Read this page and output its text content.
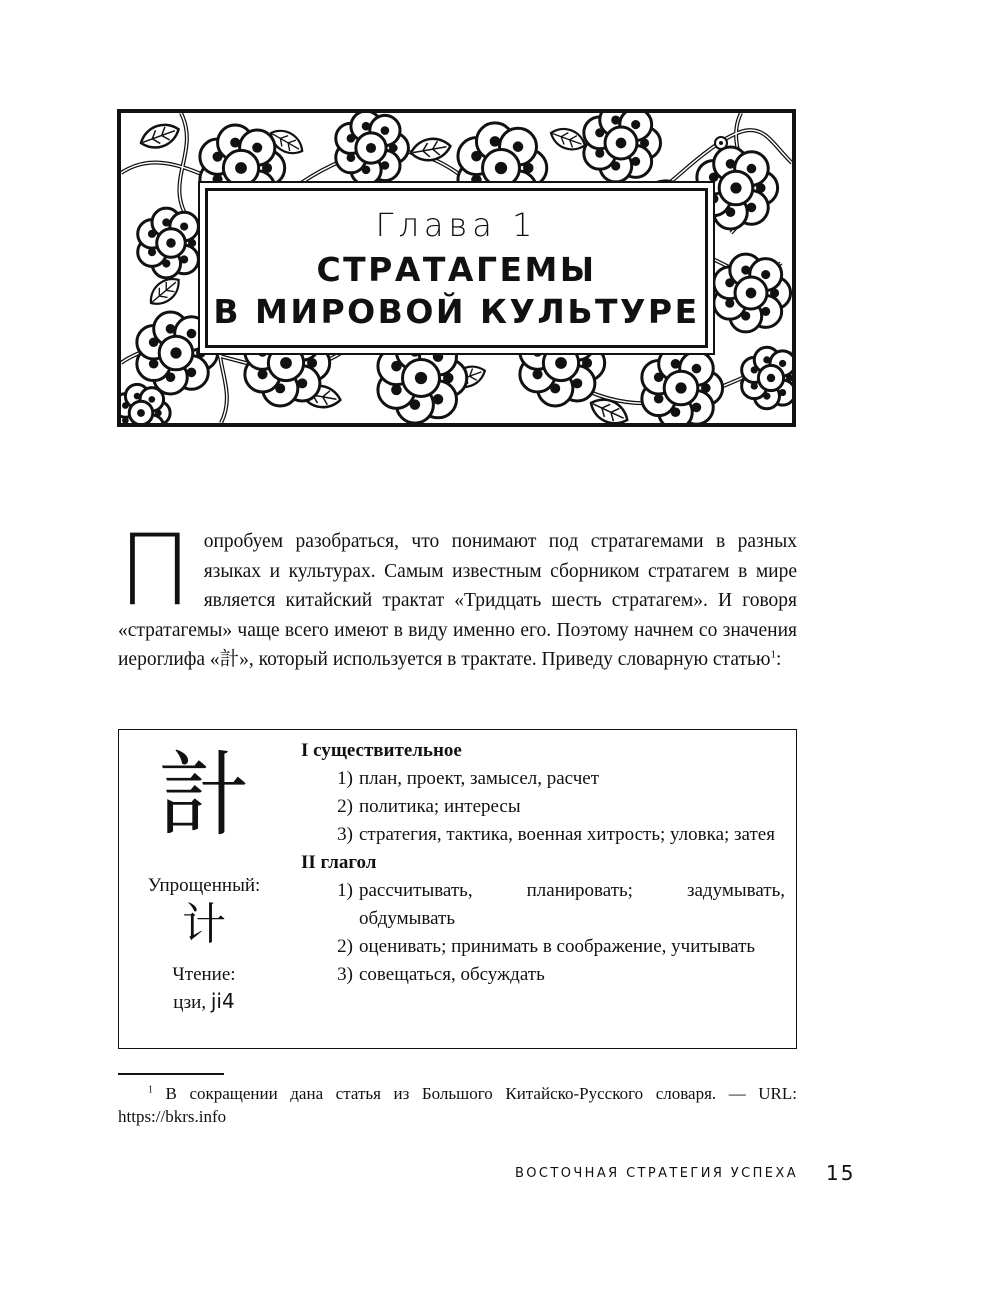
Глава 1
СТРАТАГЕМЫ
В МИРОВОЙ КУЛЬТУРЕ
П опробуем разобраться, что понимают под стратагемами в разных языках и культурах. Самым известным сборником стратагем в мире является китайский трактат «Тридцать шесть стратагем». И говоря «стратагемы» чаще всего имеют в виду именно его. Поэтому начнем со значения иероглифа «計», который используется в трактате. Приведу словарную статью$^1$:
計
Упрощенный:
计
Чтение:
цзи, ji4
I существительное
1) план, проект, замысел, расчет
2) политика; интересы
3) стратегия, тактика, военная хитрость; уловка; затея
II глагол
1) рассчитывать, планировать; задумывать, обдумывать
2) оценивать; принимать в соображение, учитывать
3) совещаться, обсуждать
$^1$ В сокращении дана статья из Большого Китайско-Русского словаря. — URL: https://bkrs.info
ВОСТОЧНАЯ СТРАТЕГИЯ УСПЕХА 15
